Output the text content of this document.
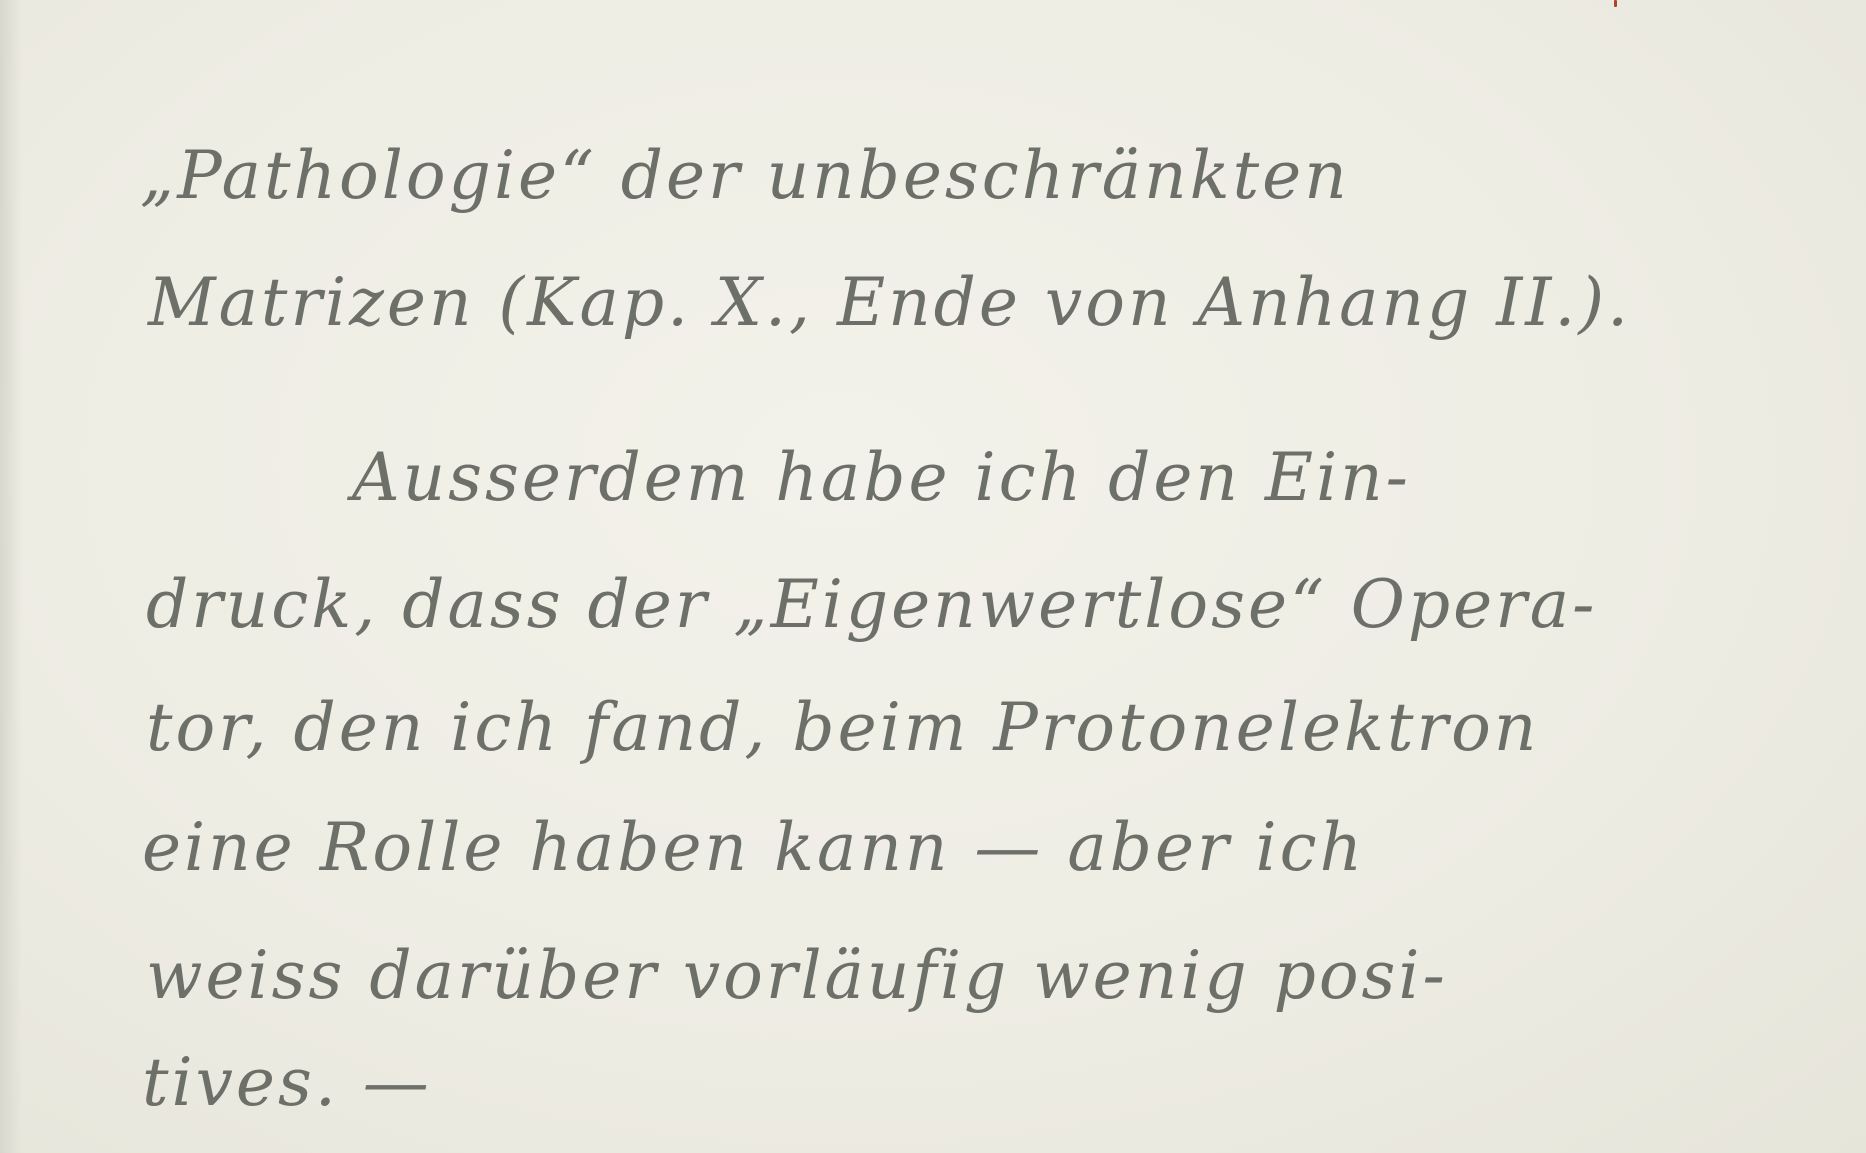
„Pathologie“ der unbeschränkten
Matrizen (Kap. X., Ende von Anhang II.).
Ausserdem habe ich den Ein-
druck, dass der „Eigenwertlose“ Opera-
tor, den ich fand, beim Protonelektron
eine Rolle haben kann — aber ich
weiss darüber vorläufig wenig posi-
tives. —
